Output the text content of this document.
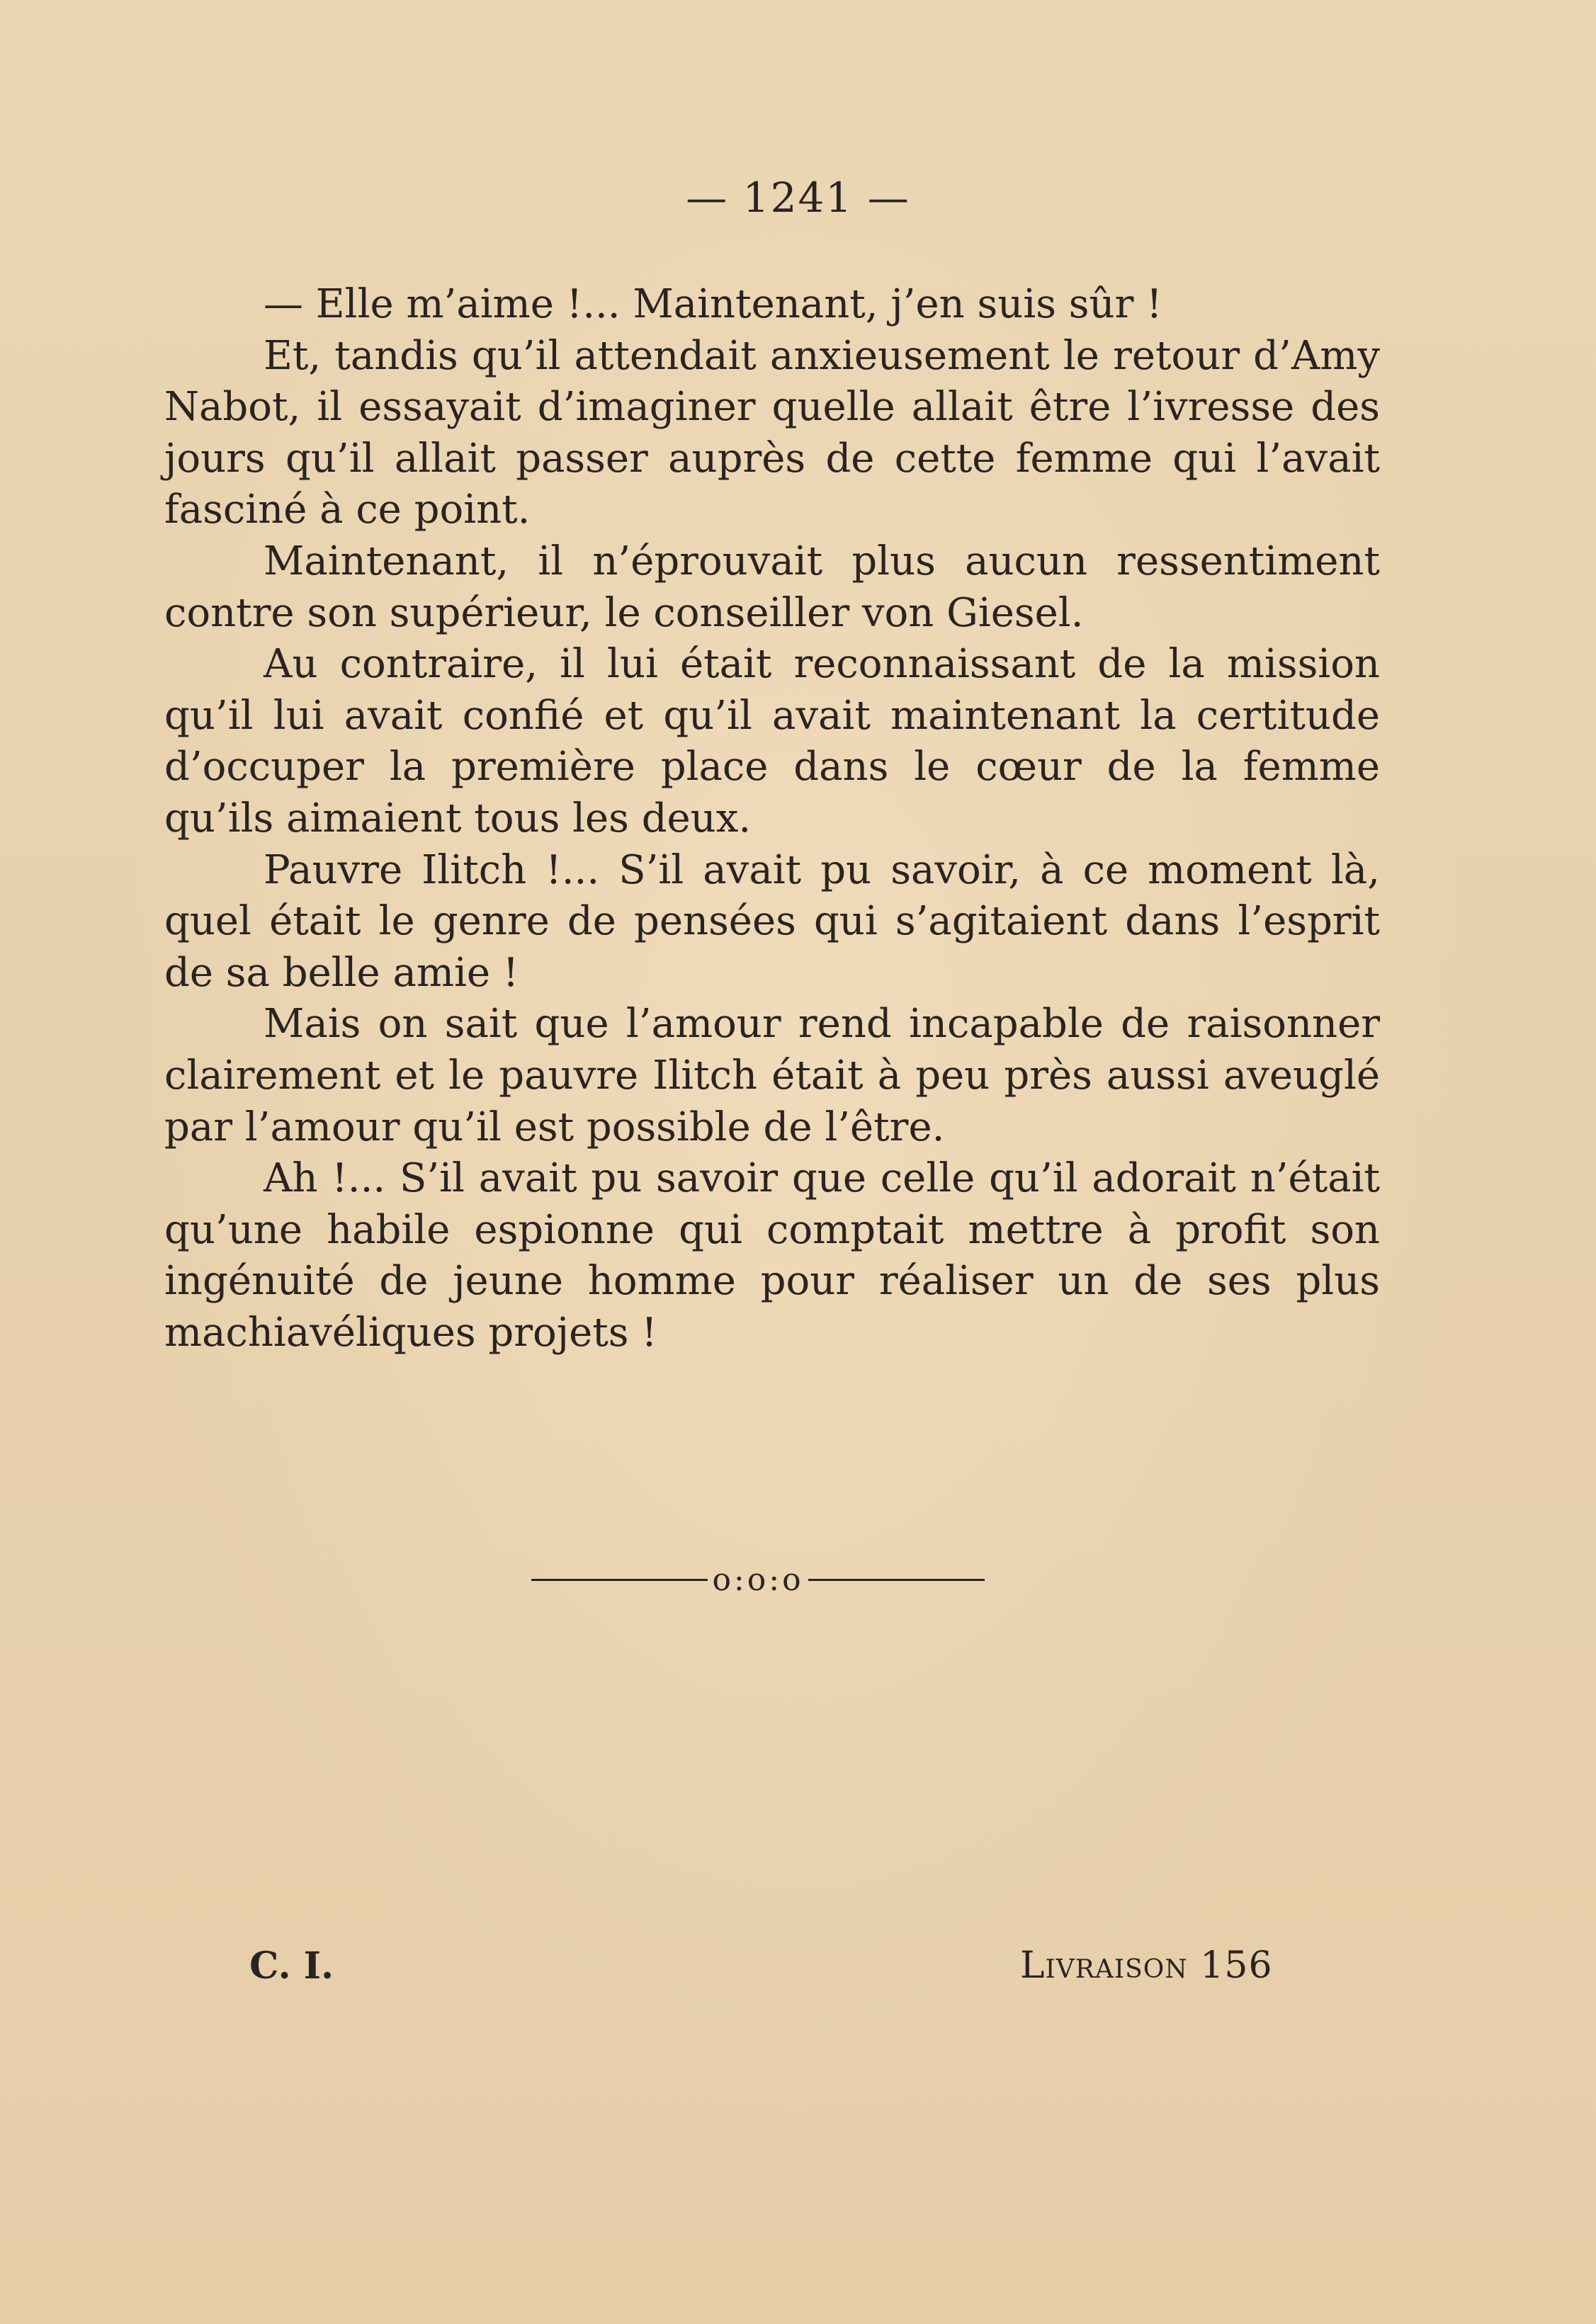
— 1241 —

— Elle m’aime !... Maintenant, j’en suis sûr !

Et, tandis qu’il attendait anxieusement le retour d’Amy Nabot, il essayait d’imaginer quelle allait être l’ivresse des jours qu’il allait passer auprès de cette femme qui l’avait fasciné à ce point.

Maintenant, il n’éprouvait plus aucun ressentiment contre son supérieur, le conseiller von Giesel.

Au contraire, il lui était reconnaissant de la mission qu’il lui avait confié et qu’il avait maintenant la certitude d’occuper la première place dans le cœur de la femme qu’ils aimaient tous les deux.

Pauvre Ilitch !... S’il avait pu savoir, à ce moment là, quel était le genre de pensées qui s’agitaient dans l’esprit de sa belle amie !

Mais on sait que l’amour rend incapable de raisonner clairement et le pauvre Ilitch était à peu près aussi aveuglé par l’amour qu’il est possible de l’être.

Ah !... S’il avait pu savoir que celle qu’il adorait n’était qu’une habile espionne qui comptait mettre à profit son ingénuité de jeune homme pour réaliser un de ses plus machiavéliques projets !

o:o:o
C. I.	Livraison 156
